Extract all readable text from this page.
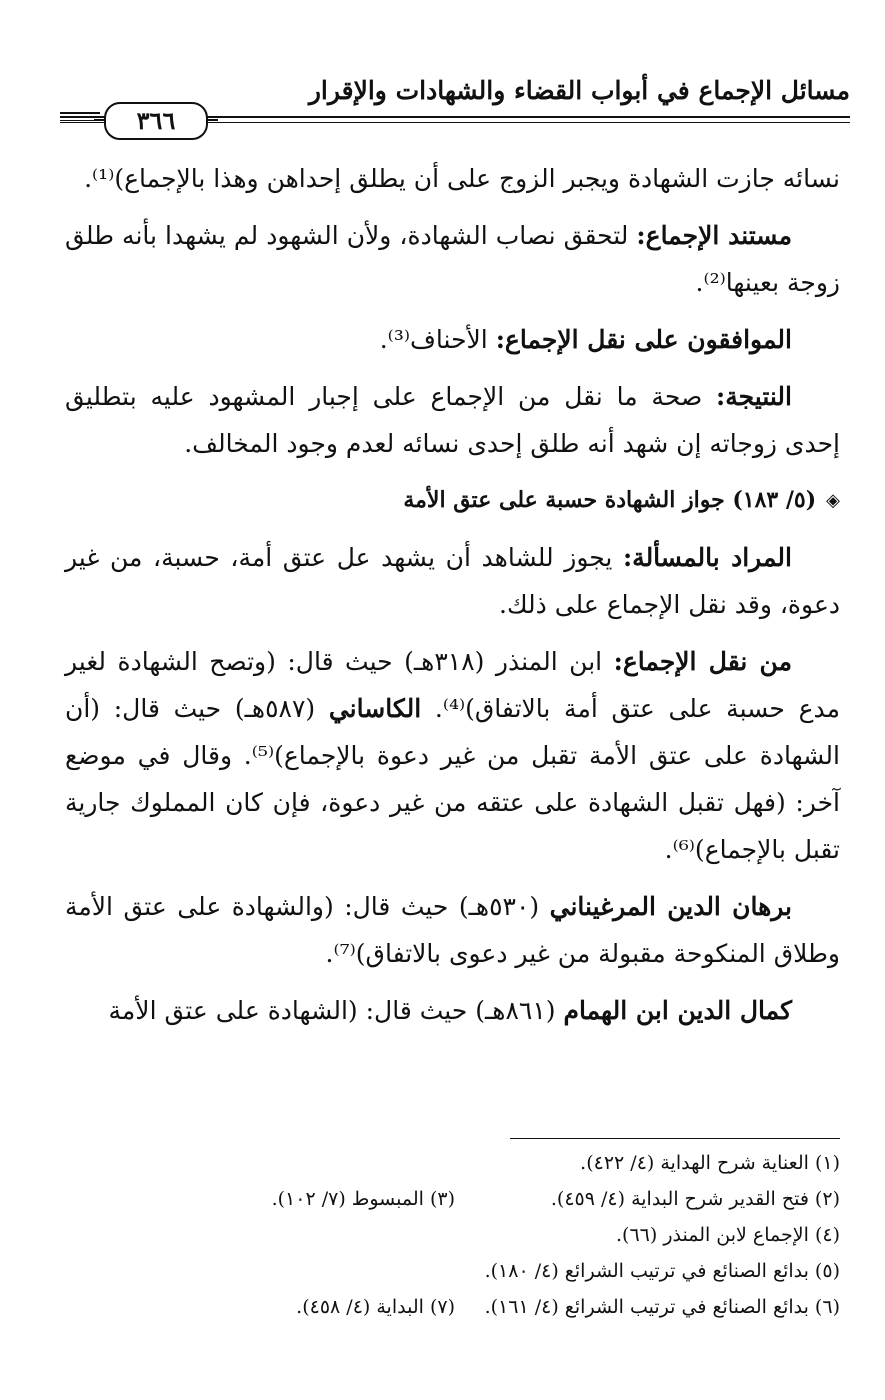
مسائل الإجماع في أبواب القضاء والشهادات والإقرار
٣٦٦

نسائه جازت الشهادة ويجبر الزوج على أن يطلق إحداهن وهذا بالإجماع)⁽¹⁾.

مستند الإجماع: لتحقق نصاب الشهادة، ولأن الشهود لم يشهدا بأنه طلق زوجة بعينها⁽²⁾.

الموافقون على نقل الإجماع: الأحناف⁽³⁾.

النتيجة: صحة ما نقل من الإجماع على إجبار المشهود عليه بتطليق إحدى زوجاته إن شهد أنه طلق إحدى نسائه لعدم وجود المخالف.

◈
(٥/ ١٨٣) جواز الشهادة حسبة على عتق الأمة

المراد بالمسألة: يجوز للشاهد أن يشهد عل عتق أمة، حسبة، من غير دعوة، وقد نقل الإجماع على ذلك.

من نقل الإجماع: ابن المنذر (٣١٨هـ) حيث قال: (وتصح الشهادة لغير مدع حسبة على عتق أمة بالاتفاق)⁽⁴⁾. الكاساني (٥٨٧هـ) حيث قال: (أن الشهادة على عتق الأمة تقبل من غير دعوة بالإجماع)⁽⁵⁾. وقال في موضع آخر: (فهل تقبل الشهادة على عتقه من غير دعوة، فإن كان المملوك جارية تقبل بالإجماع)⁽⁶⁾.

برهان الدين المرغيناني (٥٣٠هـ) حيث قال: (والشهادة على عتق الأمة وطلاق المنكوحة مقبولة من غير دعوى بالاتفاق)⁽⁷⁾.

كمال الدين ابن الهمام (٨٦١هـ) حيث قال: (الشهادة على عتق الأمة

(١) العناية شرح الهداية (٤/ ٤٢٢).
(٢) فتح القدير شرح البداية (٤/ ٤٥٩).
(٣) المبسوط (٧/ ١٠٢).
(٤) الإجماع لابن المنذر (٦٦).
(٥) بدائع الصنائع في ترتيب الشرائع (٤/ ١٨٠).
(٦) بدائع الصنائع في ترتيب الشرائع (٤/ ١٦١).
(٧) البداية (٤/ ٤٥٨).
